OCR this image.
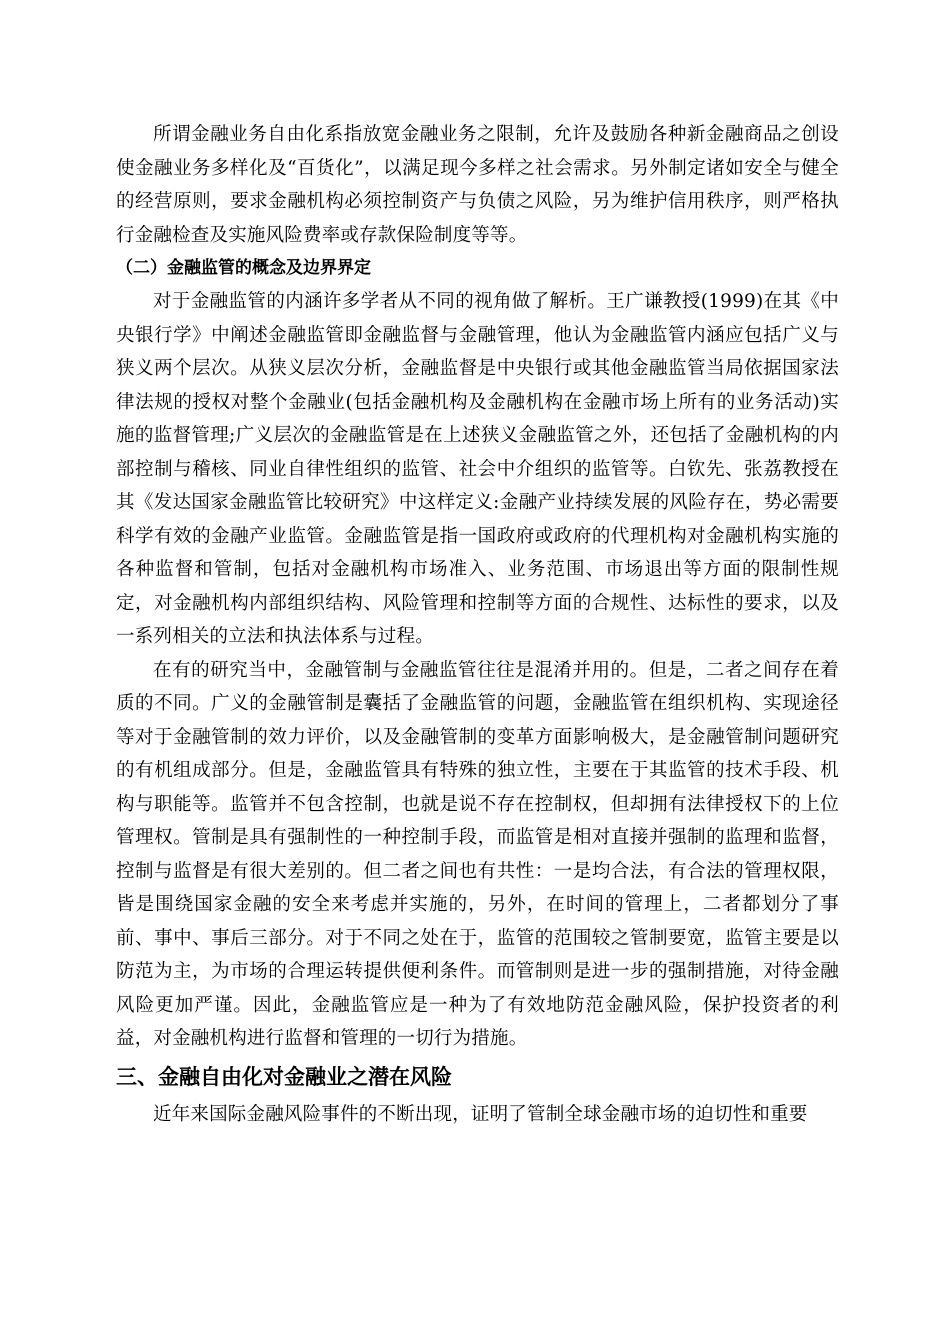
所谓金融业务自由化系指放宽金融业务之限制，允许及鼓励各种新金融商品之创设使金融业务多样化及“百货化”，以满足现今多样之社会需求。另外制定诸如安全与健全的经营原则，要求金融机构必须控制资产与负债之风险，另为维护信用秩序，则严格执行金融检查及实施风险费率或存款保险制度等等。

（二）金融监管的概念及边界界定

对于金融监管的内涵许多学者从不同的视角做了解析。王广谦教授(1999)在其《中央银行学》中阐述金融监管即金融监督与金融管理，他认为金融监管内涵应包括广义与狭义两个层次。从狭义层次分析，金融监督是中央银行或其他金融监管当局依据国家法律法规的授权对整个金融业(包括金融机构及金融机构在金融市场上所有的业务活动)实施的监督管理;广义层次的金融监管是在上述狭义金融监管之外，还包括了金融机构的内部控制与稽核、同业自律性组织的监管、社会中介组织的监管等。白钦先、张荔教授在其《发达国家金融监管比较研究》中这样定义:金融产业持续发展的风险存在，势必需要科学有效的金融产业监管。金融监管是指一国政府或政府的代理机构对金融机构实施的各种监督和管制，包括对金融机构市场准入、业务范围、市场退出等方面的限制性规定，对金融机构内部组织结构、风险管理和控制等方面的合规性、达标性的要求，以及一系列相关的立法和执法体系与过程。

在有的研究当中，金融管制与金融监管往往是混淆并用的。但是，二者之间存在着质的不同。广义的金融管制是囊括了金融监管的问题，金融监管在组织机构、实现途径等对于金融管制的效力评价，以及金融管制的变革方面影响极大，是金融管制问题研究的有机组成部分。但是，金融监管具有特殊的独立性，主要在于其监管的技术手段、机构与职能等。监管并不包含控制，也就是说不存在控制权，但却拥有法律授权下的上位管理权。管制是具有强制性的一种控制手段，而监管是相对直接并强制的监理和监督，控制与监督是有很大差别的。但二者之间也有共性：一是均合法，有合法的管理权限，皆是围绕国家金融的安全来考虑并实施的，另外，在时间的管理上，二者都划分了事前、事中、事后三部分。对于不同之处在于，监管的范围较之管制要宽，监管主要是以防范为主，为市场的合理运转提供便利条件。而管制则是进一步的强制措施，对待金融风险更加严谨。因此，金融监管应是一种为了有效地防范金融风险，保护投资者的利益，对金融机构进行监督和管理的一切行为措施。

三、金融自由化对金融业之潜在风险

近年来国际金融风险事件的不断出现，证明了管制全球金融市场的迫切性和重要
